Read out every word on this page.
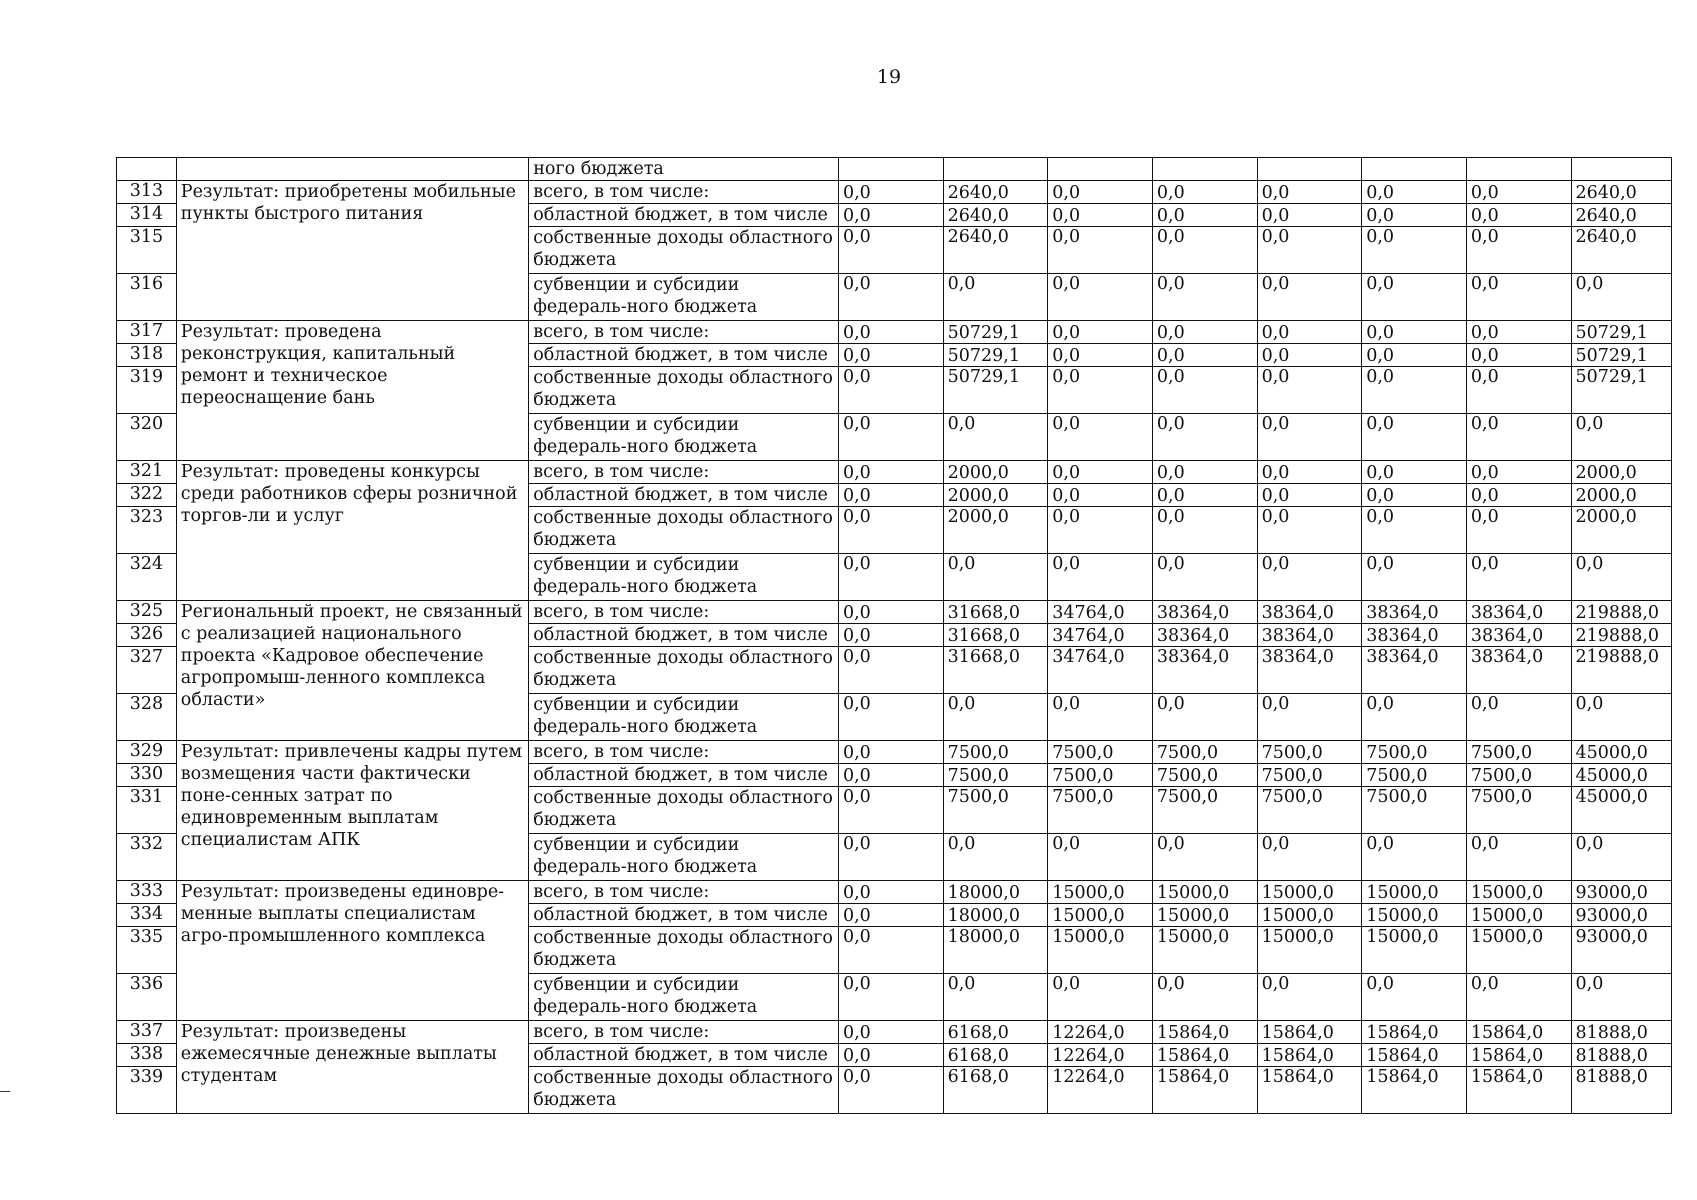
19
		ного бюджета								
313	Результат: приобретены мобильные пункты быстрого питания	всего, в том числе:	0,0	2640,0	0,0	0,0	0,0	0,0	0,0	2640,0
314		областной бюджет, в том числе	0,0	2640,0	0,0	0,0	0,0	0,0	0,0	2640,0
315		собственные доходы областного бюджета	0,0	2640,0	0,0	0,0	0,0	0,0	0,0	2640,0
316		субвенции и субсидии федераль-ного бюджета	0,0	0,0	0,0	0,0	0,0	0,0	0,0	0,0
317	Результат: проведена реконструкция, капитальный ремонт и техническое переоснащение бань	всего, в том числе:	0,0	50729,1	0,0	0,0	0,0	0,0	0,0	50729,1
318		областной бюджет, в том числе	0,0	50729,1	0,0	0,0	0,0	0,0	0,0	50729,1
319		собственные доходы областного бюджета	0,0	50729,1	0,0	0,0	0,0	0,0	0,0	50729,1
320		субвенции и субсидии федераль-ного бюджета	0,0	0,0	0,0	0,0	0,0	0,0	0,0	0,0
321	Результат: проведены конкурсы среди работников сферы розничной торгов-ли и услуг	всего, в том числе:	0,0	2000,0	0,0	0,0	0,0	0,0	0,0	2000,0
322		областной бюджет, в том числе	0,0	2000,0	0,0	0,0	0,0	0,0	0,0	2000,0
323		собственные доходы областного бюджета	0,0	2000,0	0,0	0,0	0,0	0,0	0,0	2000,0
324		субвенции и субсидии федераль-ного бюджета	0,0	0,0	0,0	0,0	0,0	0,0	0,0	0,0
325	Региональный проект, не связанный с реализацией национального проекта «Кадровое обеспечение агропромыш-ленного комплекса области»	всего, в том числе:	0,0	31668,0	34764,0	38364,0	38364,0	38364,0	38364,0	219888,0
326		областной бюджет, в том числе	0,0	31668,0	34764,0	38364,0	38364,0	38364,0	38364,0	219888,0
327		собственные доходы областного бюджета	0,0	31668,0	34764,0	38364,0	38364,0	38364,0	38364,0	219888,0
328		субвенции и субсидии федераль-ного бюджета	0,0	0,0	0,0	0,0	0,0	0,0	0,0	0,0
329	Результат: привлечены кадры путем возмещения части фактически поне-сенных затрат по единовременным выплатам специалистам АПК	всего, в том числе:	0,0	7500,0	7500,0	7500,0	7500,0	7500,0	7500,0	45000,0
330		областной бюджет, в том числе	0,0	7500,0	7500,0	7500,0	7500,0	7500,0	7500,0	45000,0
331		собственные доходы областного бюджета	0,0	7500,0	7500,0	7500,0	7500,0	7500,0	7500,0	45000,0
332		субвенции и субсидии федераль-ного бюджета	0,0	0,0	0,0	0,0	0,0	0,0	0,0	0,0
333	Результат: произведены единовре-менные выплаты специалистам агро-промышленного комплекса	всего, в том числе:	0,0	18000,0	15000,0	15000,0	15000,0	15000,0	15000,0	93000,0
334		областной бюджет, в том числе	0,0	18000,0	15000,0	15000,0	15000,0	15000,0	15000,0	93000,0
335		собственные доходы областного бюджета	0,0	18000,0	15000,0	15000,0	15000,0	15000,0	15000,0	93000,0
336		субвенции и субсидии федераль-ного бюджета	0,0	0,0	0,0	0,0	0,0	0,0	0,0	0,0
337	Результат: произведены ежемесячные денежные выплаты студентам	всего, в том числе:	0,0	6168,0	12264,0	15864,0	15864,0	15864,0	15864,0	81888,0
338		областной бюджет, в том числе	0,0	6168,0	12264,0	15864,0	15864,0	15864,0	15864,0	81888,0
339		собственные доходы областного бюджета	0,0	6168,0	12264,0	15864,0	15864,0	15864,0	15864,0	81888,0
